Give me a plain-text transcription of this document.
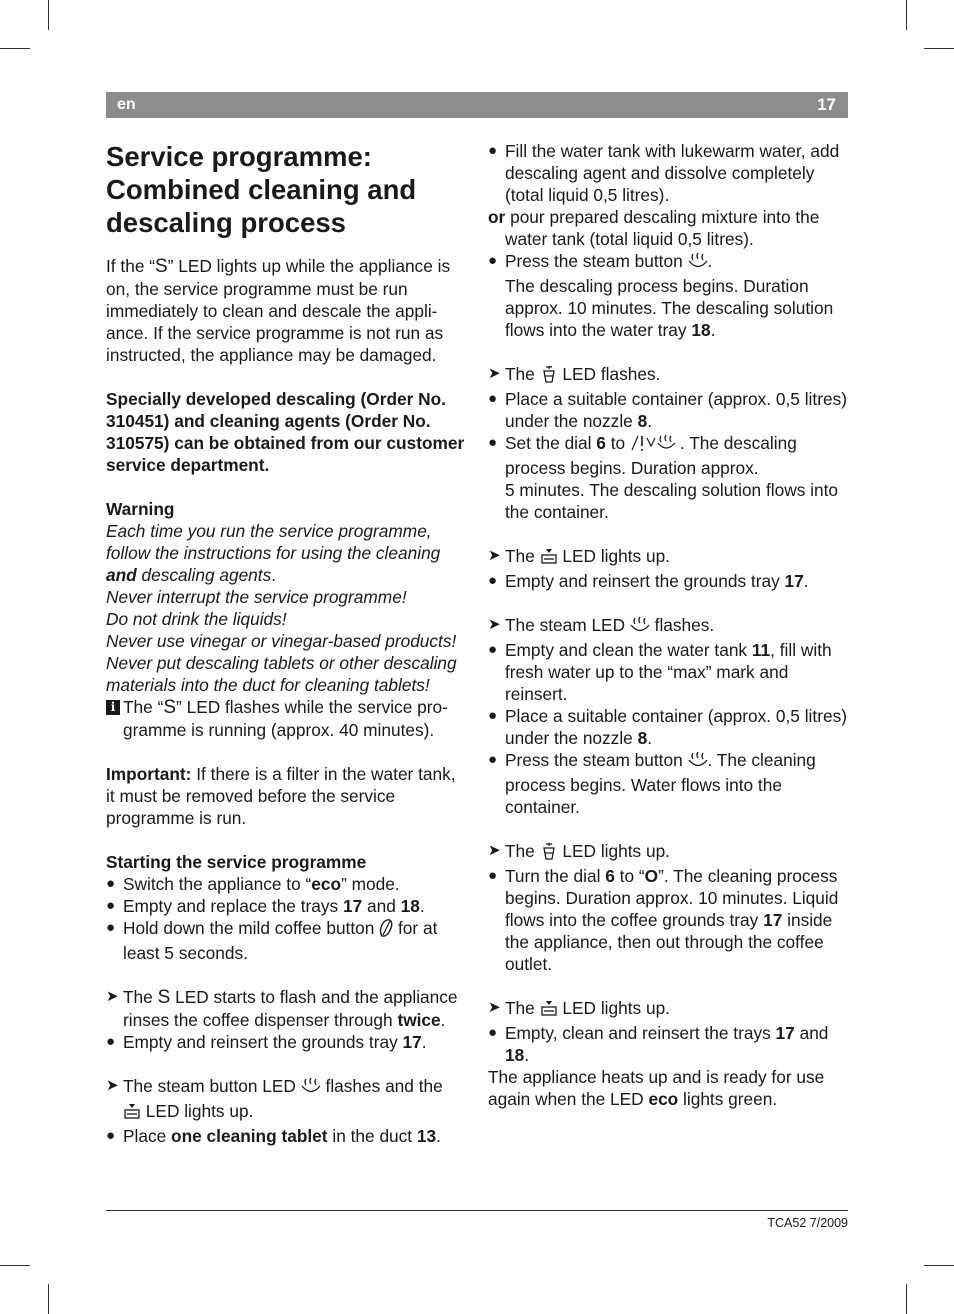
en	17
Service programme:
Combined cleaning and
descaling process

If the “S” LED lights up while the appliance is on, the service programme must be run immediately to clean and descale the appliance. If the service programme is not run as instructed, the appliance may be damaged.

Specially developed descaling (Order No. 310451) and cleaning agents (Order No. 310575) can be obtained from our customer service department.

Warning

Each time you run the service programme, follow the instructions for using the cleaning and descaling agents.

Never interrupt the service programme!

Do not drink the liquids!

Never use vinegar or vinegar-based products!

Never put descaling tablets or other descaling materials into the duct for cleaning tablets!

i The “S” LED flashes while the service programme is running (approx. 40 minutes).

Important: If there is a filter in the water tank, it must be removed before the service programme is run.

Starting the service programme

● Switch the appliance to “eco” mode.
● Empty and replace the trays 17 and 18.
● Hold down the mild coffee button  for at least 5 seconds.
➤ The S LED starts to flash and the appliance rinses the coffee dispenser through twice.
● Empty and reinsert the grounds tray 17.
➤ The steam button LED  flashes and the
LED lights up.
● Place one cleaning tablet in the duct 13.
● Fill the water tank with lukewarm water, add descaling agent and dissolve completely (total liquid 0,5 litres).

or pour prepared descaling mixture into the water tank (total liquid 0,5 litres).

● Press the steam button .
The descaling process begins. Duration approx. 10 minutes. The descaling solution flows into the water tray 18.
➤ The  LED flashes.
● Place a suitable container (approx. 0,5 litres) under the nozzle 8.
● Set the dial 6 to	. The descaling process begins. Duration approx.
5 minutes. The descaling solution flows into the container.
➤ The  LED lights up.
● Empty and reinsert the grounds tray 17.
➤ The steam LED  flashes.
● Empty and clean the water tank 11, fill with fresh water up to the “max” mark and reinsert.
● Place a suitable container (approx. 0,5 litres) under the nozzle 8.
● Press the steam button . The cleaning process begins. Water flows into the container.
➤ The  LED lights up.
● Turn the dial 6 to “O”. The cleaning process begins. Duration approx. 10 minutes. Liquid flows into the coffee grounds tray 17 inside the appliance, then out through the coffee outlet.
➤ The  LED lights up.
● Empty, clean and reinsert the trays 17 and 18.

The appliance heats up and is ready for use again when the LED eco lights green.

TCA52 7/2009
